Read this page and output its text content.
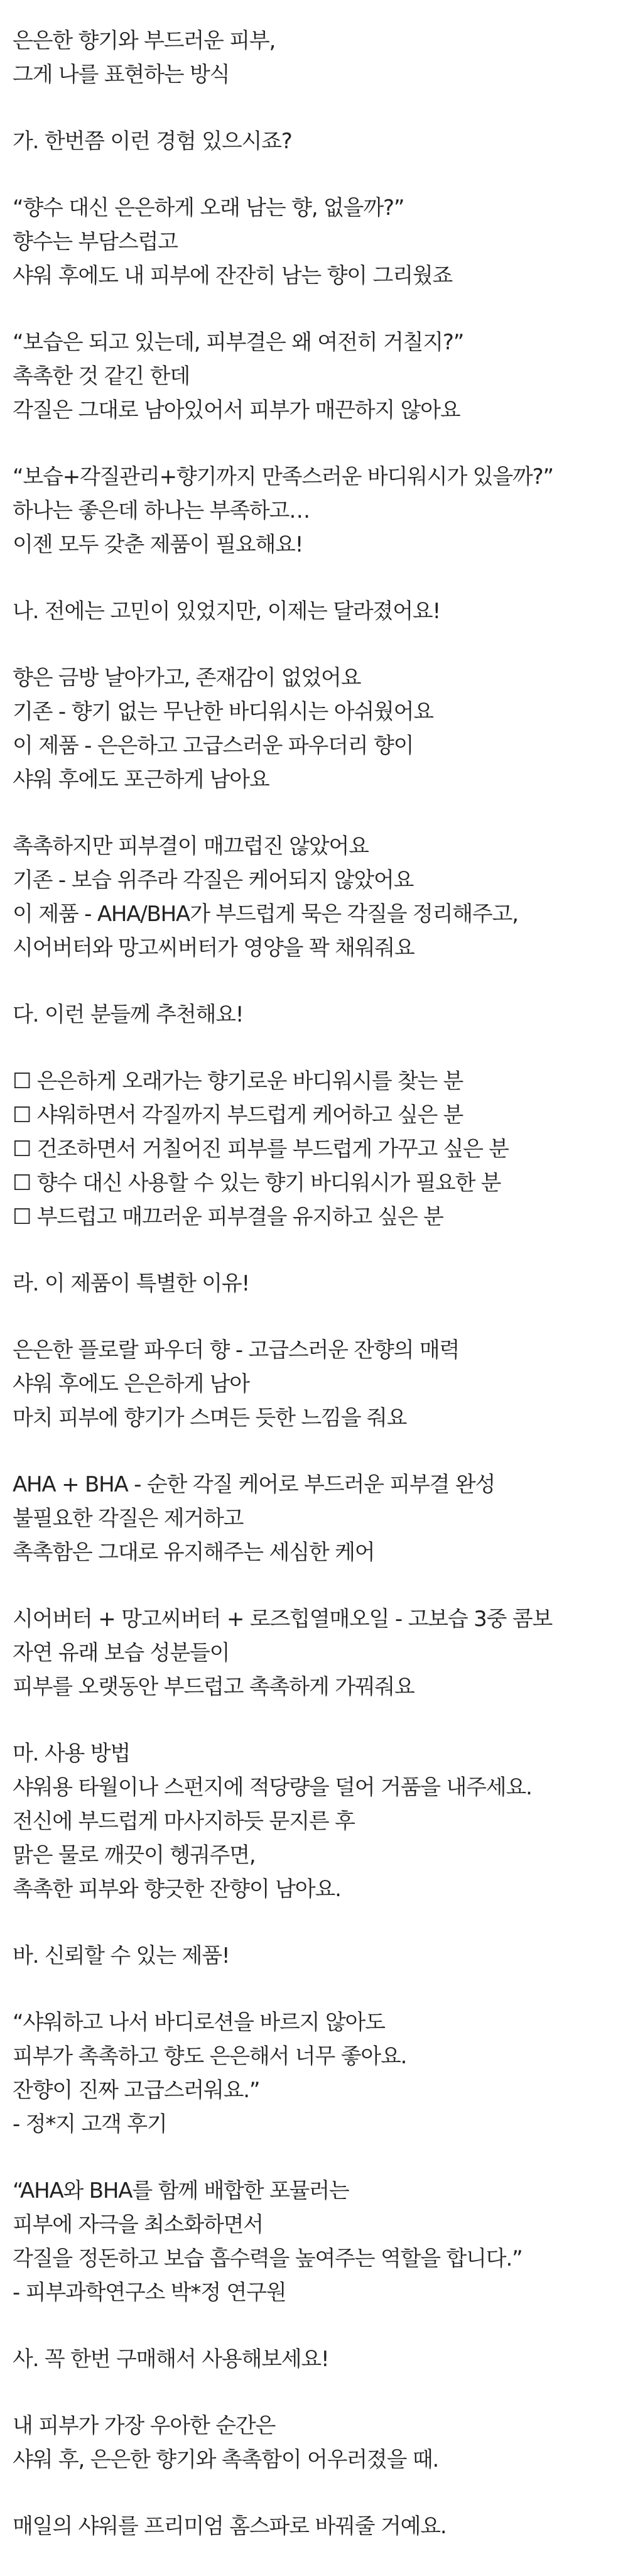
은은한 향기와 부드러운 피부,
그게 나를 표현하는 방식
가. 한번쯤 이런 경험 있으시죠?
“향수 대신 은은하게 오래 남는 향, 없을까?”
향수는 부담스럽고
샤워 후에도 내 피부에 잔잔히 남는 향이 그리웠죠
“보습은 되고 있는데, 피부결은 왜 여전히 거칠지?”
촉촉한 것 같긴 한데
각질은 그대로 남아있어서 피부가 매끈하지 않아요
“보습+각질관리+향기까지 만족스러운 바디워시가 있을까?”
하나는 좋은데 하나는 부족하고…
이젠 모두 갖춘 제품이 필요해요!
나. 전에는 고민이 있었지만, 이제는 달라졌어요!
향은 금방 날아가고, 존재감이 없었어요
기존 - 향기 없는 무난한 바디워시는 아쉬웠어요
이 제품 - 은은하고 고급스러운 파우더리 향이
샤워 후에도 포근하게 남아요
촉촉하지만 피부결이 매끄럽진 않았어요
기존 - 보습 위주라 각질은 케어되지 않았어요
이 제품 - AHA/BHA가 부드럽게 묵은 각질을 정리해주고,
시어버터와 망고씨버터가 영양을 꽉 채워줘요
다. 이런 분들께 추천해요!
☐ 은은하게 오래가는 향기로운 바디워시를 찾는 분
☐ 샤워하면서 각질까지 부드럽게 케어하고 싶은 분
☐ 건조하면서 거칠어진 피부를 부드럽게 가꾸고 싶은 분
☐ 향수 대신 사용할 수 있는 향기 바디워시가 필요한 분
☐ 부드럽고 매끄러운 피부결을 유지하고 싶은 분
라. 이 제품이 특별한 이유!
은은한 플로랄 파우더 향 - 고급스러운 잔향의 매력
샤워 후에도 은은하게 남아
마치 피부에 향기가 스며든 듯한 느낌을 줘요
AHA + BHA - 순한 각질 케어로 부드러운 피부결 완성
불필요한 각질은 제거하고
촉촉함은 그대로 유지해주는 세심한 케어
시어버터 + 망고씨버터 + 로즈힙열매오일 - 고보습 3중 콤보
자연 유래 보습 성분들이
피부를 오랫동안 부드럽고 촉촉하게 가꿔줘요
마. 사용 방법
샤워용 타월이나 스펀지에 적당량을 덜어 거품을 내주세요.
전신에 부드럽게 마사지하듯 문지른 후
맑은 물로 깨끗이 헹궈주면,
촉촉한 피부와 향긋한 잔향이 남아요.
바. 신뢰할 수 있는 제품!
“샤워하고 나서 바디로션을 바르지 않아도
피부가 촉촉하고 향도 은은해서 너무 좋아요.
잔향이 진짜 고급스러워요.”
- 정*지 고객 후기
“AHA와 BHA를 함께 배합한 포뮬러는
피부에 자극을 최소화하면서
각질을 정돈하고 보습 흡수력을 높여주는 역할을 합니다.”
- 피부과학연구소 박*정 연구원
사. 꼭 한번 구매해서 사용해보세요!
내 피부가 가장 우아한 순간은
샤워 후, 은은한 향기와 촉촉함이 어우러졌을 때.
매일의 샤워를 프리미엄 홈스파로 바꿔줄 거예요.
